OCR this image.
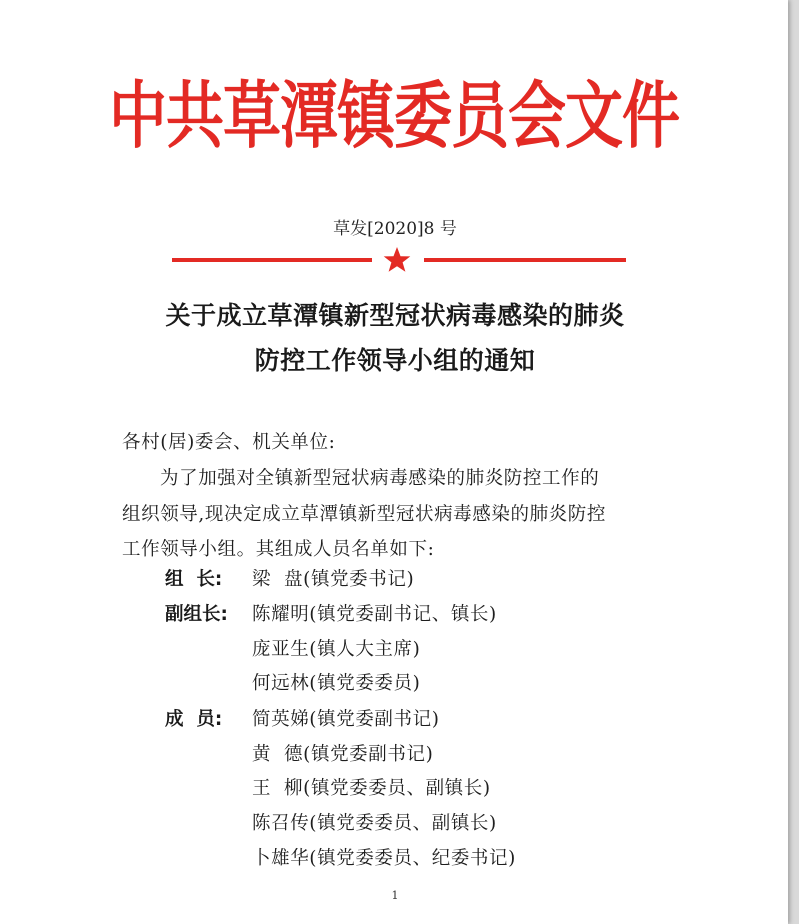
中共草潭镇委员会文件
草发[2020]8 号
关于成立草潭镇新型冠状病毒感染的肺炎
防控工作领导小组的通知
各村(居)委会、机关单位:
为了加强对全镇新型冠状病毒感染的肺炎防控工作的
组织领导,现决定成立草潭镇新型冠状病毒感染的肺炎防控
工作领导小组。其组成人员名单如下:
组  长: 梁  盘(镇党委书记)
副组长: 陈耀明(镇党委副书记、镇长)
庞亚生(镇人大主席)
何远林(镇党委委员)
成  员: 简英娣(镇党委副书记)
黄  德(镇党委副书记)
王  柳(镇党委委员、副镇长)
陈召传(镇党委委员、副镇长)
卜雄华(镇党委委员、纪委书记)
1
